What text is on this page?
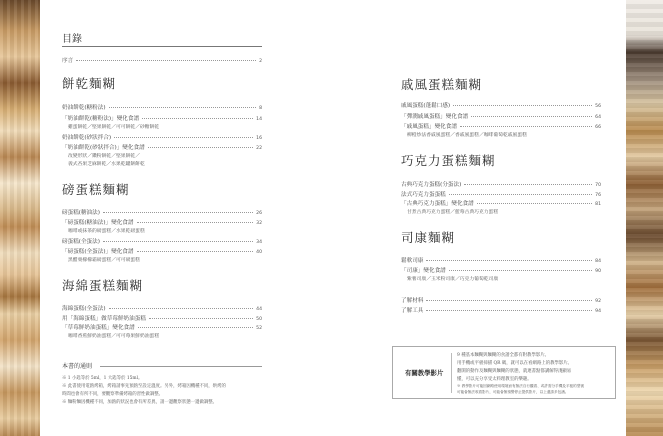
目錄
序言	2
餅乾麵糊
奶油餅乾(糖粉法)	8
「奶油餅乾(糖粉法)」變化食譜	14
雞蛋餅乾／堅果餅乾／可可餅乾／砂糖餅乾
奶油餅乾(砂狀拌合)	16
「奶油餅乾(砂狀拌合)」變化食譜	22
改變形狀／鑽粉餅乾／堅果餅乾／
義式杏果乏麻餅乾／水果乾罐餅餅乾
磅蛋糕麵糊
磅蛋糕(糖油法)	26
「磅蛋糕(糖油法)」變化食譜	32
咖啡或抹茶的磅蛋糕／水果乾磅蛋糕
磅蛋糕(全蛋法)	34
「磅蛋糕(全蛋法)」變化食譜	40
黑醋栗檬檬霜磅蛋糕／可可磅蛋糕
海綿蛋糕麵糊
海綿蛋糕(全蛋法)	44
用「海綿蛋糕」做草莓鮮奶油蛋糕	50
「草莓鮮奶油蛋糕」變化食譜	52
咖啡香蕉鮮奶油蛋糕／可可莓果鮮奶油蛋糕
本書的通則
※ 1 小匙等於 5ml，1 大匙等於 15ml。
※ 此書使用電熱烤箱，烤箱請事先預熱至設定溫度。另外，烤箱因機種不同，烘烤的
時間也會有所不同，要觀察準備烤箱的習性做調整。
※ 麵粉麵因機種不同，加熱的狀況也會有所差異，請一邊觀察狀態一邊做調整。
戚風蛋糕麵糊
戚風蛋糕(蓬鬆口感)	56
「彈潤戚風蛋糕」變化食譜	64
「戚風蛋糕」變化食譜	66
柳橙炒法香戚風蛋糕／香戚風蛋糕／咖啡葡萄乾戚風蛋糕
巧克力蛋糕麵糊
古典巧克力蛋糕(分蛋法)	70
法式巧克力蛋蛋糕	76
「古典巧克力蛋糕」變化食譜	81
甘煮古典巧克力蛋糕／藍莓古典巧克力蛋糕
司康麵糊
鬆軟司康	84
「司康」變化食譜	90
紫薯司康／玉米粉司康／巧克力葡萄乾司康
了解材料	92
了解工具	94
有關教學影片
9 種基本麵糊與麵糊的食譜全都有附教學影片。
用手機或平板掃描 QR 碼，就可以在看網路上的教學影片。
翻開的動作及麵糊與麵糊的狀態，就連書點都講解得淺顯易
懂，可以充分享受太料理教室的樂趣。
※ 教學影片可能因網路使用環境而有無法自行觀看、或許需分手機及平板的型號
可能會無法收看影片，可能會無預警停止提供影片，以上還請多包涵。
